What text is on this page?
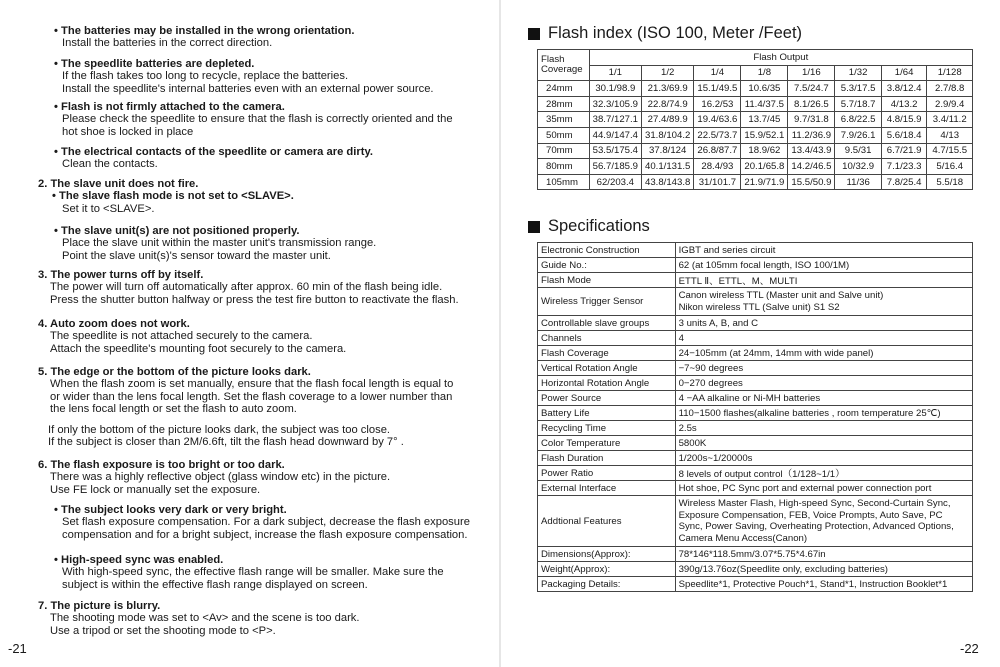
• The batteries may be installed in the wrong orientation.
Install the batteries in the correct direction.
• The speedlite batteries are depleted.
If the flash takes too long to recycle, replace the batteries.
Install the speedlite's internal batteries even with an external power source.
• Flash is not firmly attached to the camera.
Please check the speedlite to ensure that the flash is correctly oriented and the
hot shoe is locked in place
• The electrical contacts of the speedlite or camera are dirty.
Clean the contacts.
2. The slave unit does not fire.
• The slave flash mode is not set to <SLAVE>.
Set it to <SLAVE>.
• The slave unit(s) are not positioned properly.
Place the slave unit within the master unit's transmission range.
Point the slave unit(s)'s sensor toward the master unit.
3. The power turns off by itself.
The power will turn off automatically after approx. 60 min of the flash being idle.
Press the shutter button halfway or press the test fire button to reactivate the flash.
4. Auto zoom does not work.
The speedlite is not attached securely to the camera.
Attach the speedlite's mounting foot securely to the camera.
5. The edge or the bottom of the picture looks dark.
When the flash zoom is set manually, ensure that the flash focal length is equal to
or wider than the lens focal length. Set the flash coverage to a lower number than
the lens focal length or set the flash to auto zoom.
If only the bottom of the picture looks dark, the subject was too close.
If the subject is closer than 2M/6.6ft, tilt the flash head downward by 7° .
6. The flash exposure is too bright or too dark.
There was a highly reflective object (glass window etc) in the picture.
Use FE lock or manually set the exposure.
• The subject looks very dark or very bright.
Set flash exposure compensation. For a dark subject, decrease the flash exposure
compensation and for a bright subject, increase the flash exposure compensation.
• High-speed sync was enabled.
With high-speed sync, the effective flash range will be smaller. Make sure the
subject is within the effective flash range displayed on screen.
7. The picture is blurry.
The shooting mode was set to <Av> and the scene is too dark.
Use a tripod or set the shooting mode to <P>.
-21
Flash index (ISO 100, Meter /Feet)
Flash
Coverage	Flash Output							
	1/1	1/2	1/4	1/8	1/16	1/32	1/64	1/128
24mm	30.1/98.9	21.3/69.9	15.1/49.5	10.6/35	7.5/24.7	5.3/17.5	3.8/12.4	2.7/8.8
28mm	32.3/105.9	22.8/74.9	16.2/53	11.4/37.5	8.1/26.5	5.7/18.7	4/13.2	2.9/9.4
35mm	38.7/127.1	27.4/89.9	19.4/63.6	13.7/45	9.7/31.8	6.8/22.5	4.8/15.9	3.4/11.2
50mm	44.9/147.4	31.8/104.2	22.5/73.7	15.9/52.1	11.2/36.9	7.9/26.1	5.6/18.4	4/13
70mm	53.5/175.4	37.8/124	26.8/87.7	18.9/62	13.4/43.9	9.5/31	6.7/21.9	4.7/15.5
80mm	56.7/185.9	40.1/131.5	28.4/93	20.1/65.8	14.2/46.5	10/32.9	7.1/23.3	5/16.4
105mm	62/203.4	43.8/143.8	31/101.7	21.9/71.9	15.5/50.9	11/36	7.8/25.4	5.5/18
Specifications
Electronic Construction	IGBT and series circuit

Guide No.:	62 (at 105mm focal length, ISO 100/1M)

Flash Mode	ETTL Ⅱ、ETTL、M、MULTI

Wireless Trigger Sensor	Canon wireless TTL (Master unit and Salve unit)
Nikon wireless TTL (Salve unit) S1 S2

Controllable slave groups	3 units A, B, and C

Channels	4

Flash Coverage	24−105mm (at 24mm, 14mm with wide panel)

Vertical Rotation Angle	−7~90 degrees

Horizontal Rotation Angle	0−270 degrees

Power Source	4 −AA alkaline or Ni-MH batteries

Battery Life	110−1500 flashes(alkaline batteries , room temperature 25℃)

Recycling Time	2.5s

Color Temperature	5800K

Flash Duration	1/200s~1/20000s

Power Ratio	8 levels of output control（1/128~1/1）

External Interface	Hot shoe, PC Sync port and external power connection port

Addtional Features	Wireless Master Flash, High-speed Sync, Second-Curtain Sync,
Exposure Compensation, FEB, Voice Prompts, Auto Save, PC
Sync, Power Saving, Overheating Protection, Advanced Options,
Camera Menu Access(Canon)

Dimensions(Approx):	78*146*118.5mm/3.07*5.75*4.67in

Weight(Approx):	390g/13.76oz(Speedlite only, excluding batteries)

Packaging Details:	Speedlite*1, Protective Pouch*1, Stand*1, Instruction Booklet*1
-22
